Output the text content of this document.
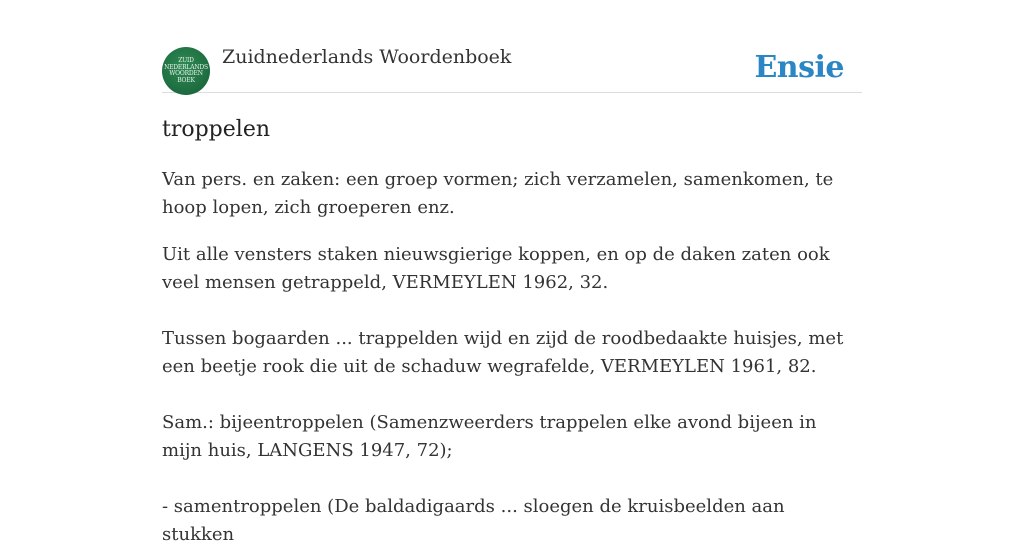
ZUID
NEDERLANDS
WOORDEN
BOEK
Zuidnederlands Woordenboek	Ensie
troppelen

Van pers. en zaken: een groep vormen; zich verzamelen, samenkomen, te hoop lopen, zich groeperen enz.

Uit alle vensters staken nieuwsgierige koppen, en op de daken zaten ook veel mensen getrappeld, VERMEYLEN 1962, 32.

Tussen bogaarden ... trappelden wijd en zijd de roodbedaakte huisjes, met een beetje rook die uit de schaduw wegrafelde, VERMEYLEN 1961, 82.

Sam.: bijeentroppelen (Samenzweerders trappelen elke avond bijeen in mijn huis, LANGENS 1947, 72);

- samentroppelen (De baldadigaards ... sloegen de kruisbeelden aan stukken
